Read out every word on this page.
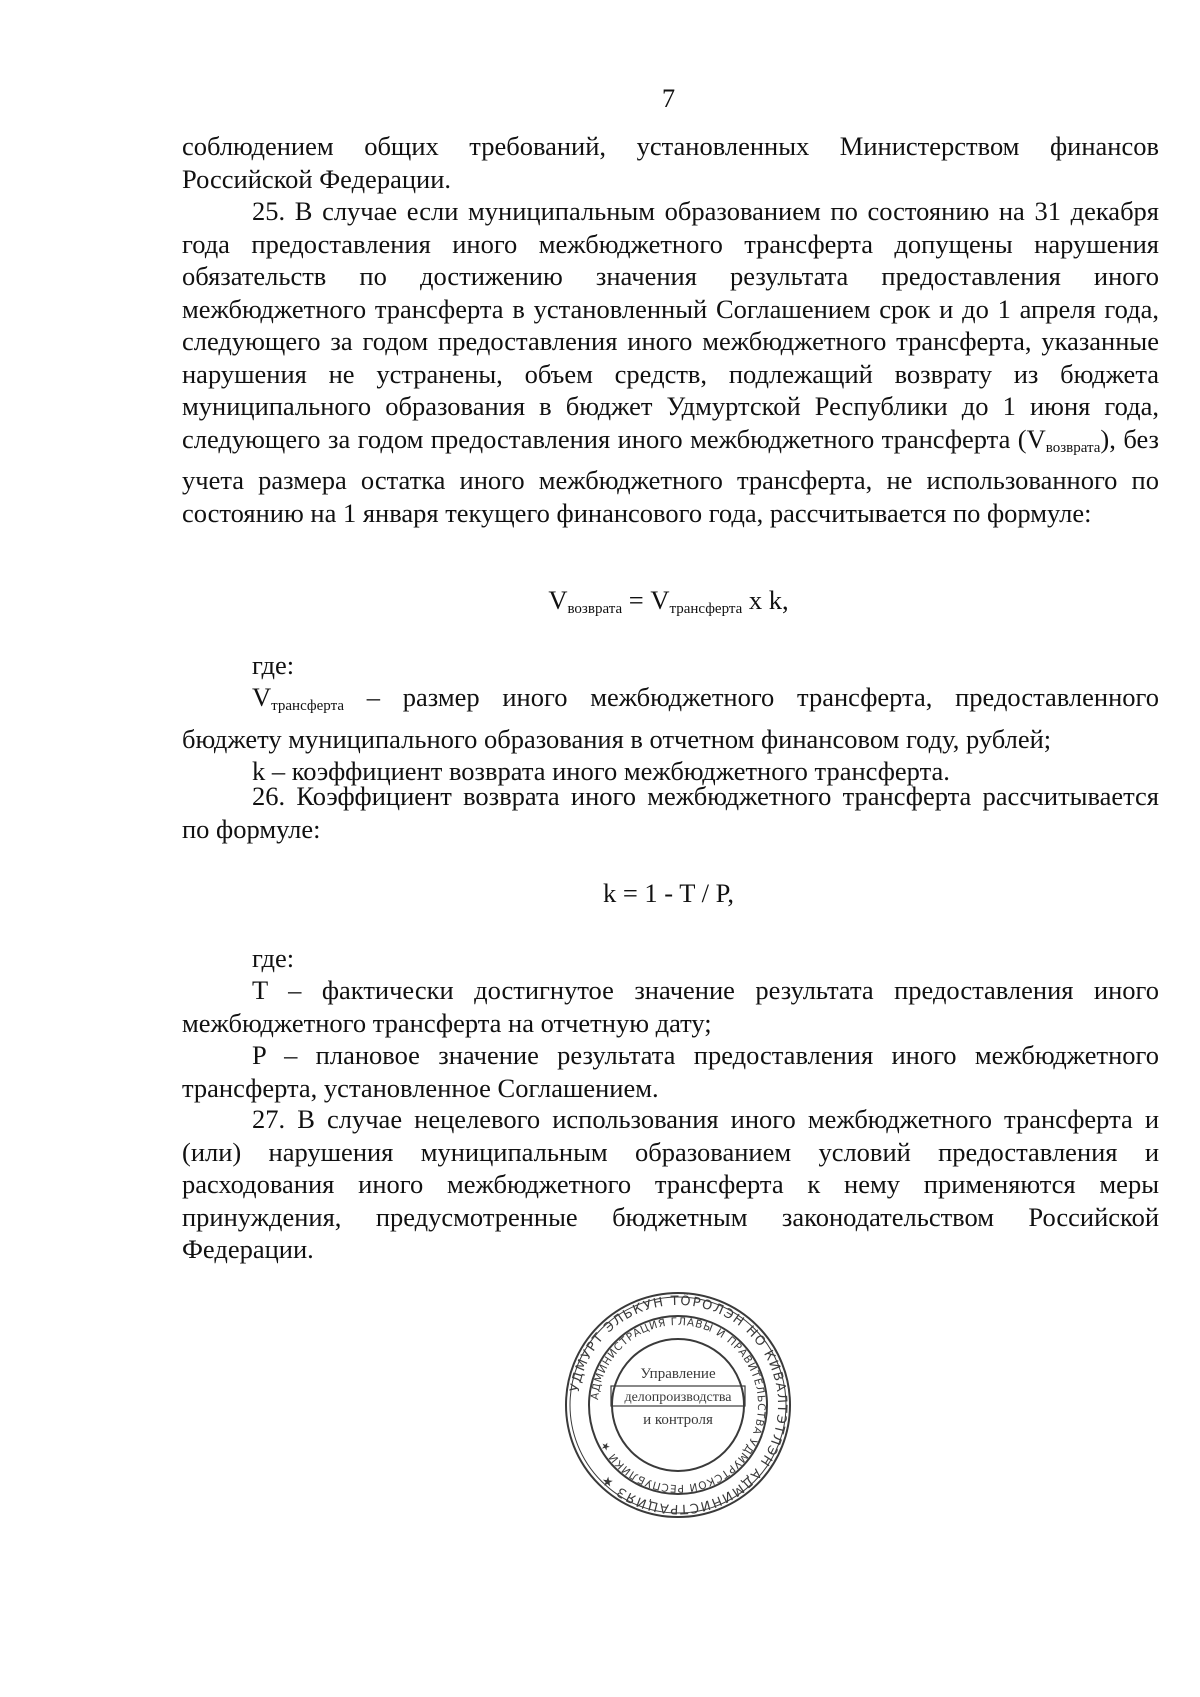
7

соблюдением общих требований, установленных Министерством финансов Российской Федерации.

25. В случае если муниципальным образованием по состоянию на 31 декабря года предоставления иного межбюджетного трансферта допущены нарушения обязательств по достижению значения результата предоставления иного межбюджетного трансферта в установленный Соглашением срок и до 1 апреля года, следующего за годом предоставления иного межбюджетного трансферта, указанные нарушения не устранены, объем средств, подлежащий возврату из бюджета муниципального образования в бюджет Удмуртской Республики до 1 июня года, следующего за годом предоставления иного межбюджетного трансферта $(V_{возврата})$, без учета размера остатка иного межбюджетного трансферта, не использованного по состоянию на 1 января текущего финансового года, рассчитывается по формуле:

$V_{возврата} = V_{трансферта}$ x k,
где:

$V_{трансферта}$ – размер иного межбюджетного трансферта, предоставленного бюджету муниципального образования в отчетном финансовом году, рублей;

k – коэффициент возврата иного межбюджетного трансферта.

26. Коэффициент возврата иного межбюджетного трансферта рассчитывается по формуле:

k = 1 - T / P,
где:

T – фактически достигнутое значение результата предоставления иного межбюджетного трансферта на отчетную дату;

P – плановое значение результата предоставления иного межбюджетного трансферта, установленное Соглашением.

27. В случае нецелевого использования иного межбюджетного трансферта и (или) нарушения муниципальным образованием условий предоставления и расходования иного межбюджетного трансферта к нему применяются меры принуждения, предусмотренные бюджетным законодательством Российской Федерации.

УДМУРТ ЭЛЬКУН ТӦРОЛЭН НО КИВАЛТЭТЛЭН АДМИНИСТРАЦИЯЗ ★
АДМИНИСТРАЦИЯ ГЛАВЫ И ПРАВИТЕЛЬСТВА УДМУРТСКОЙ РЕСПУБЛИКИ ★
Управление
делопроизводства
и контроля
